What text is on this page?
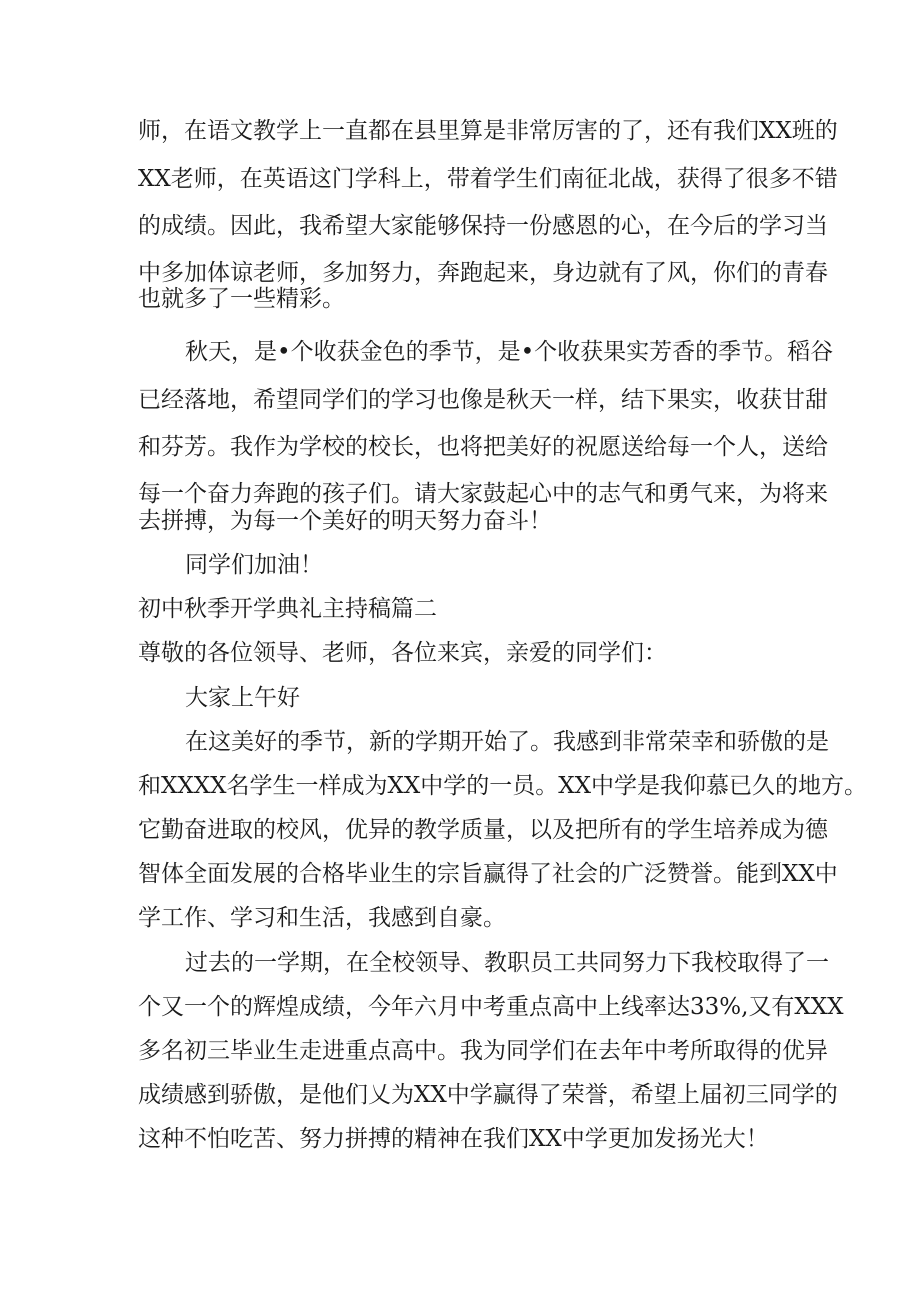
师，在语文教学上一直都在县里算是非常厉害的了，还有我们XX班的

XX老师，在英语这门学科上，带着学生们南征北战，获得了很多不错

的成绩。因此，我希望大家能够保持一份感恩的心，在今后的学习当

中多加体谅老师，多加努力，奔跑起来，身边就有了风，你们的青春

也就多了一些精彩。

秋天，是•个收获金色的季节，是•个收获果实芳香的季节。稻谷

已经落地，希望同学们的学习也像是秋天一样，结下果实，收获甘甜

和芬芳。我作为学校的校长，也将把美好的祝愿送给每一个人，送给

每一个奋力奔跑的孩子们。请大家鼓起心中的志气和勇气来，为将来

去拼搏，为每一个美好的明天努力奋斗！

同学们加油！

初中秋季开学典礼主持稿篇二

尊敬的各位领导、老师，各位来宾，亲爱的同学们：

大家上午好

在这美好的季节，新的学期开始了。我感到非常荣幸和骄傲的是

和XXXX名学生一样成为XX中学的一员。XX中学是我仰慕已久的地方。

它勤奋进取的校风，优异的教学质量，以及把所有的学生培养成为德

智体全面发展的合格毕业生的宗旨赢得了社会的广泛赞誉。能到XX中

学工作、学习和生活，我感到自豪。

过去的一学期，在全校领导、教职员工共同努力下我校取得了一

个又一个的辉煌成绩，今年六月中考重点高中上线率达33%,又有XXX

多名初三毕业生走进重点高中。我为同学们在去年中考所取得的优异

成绩感到骄傲，是他们乂为XX中学赢得了荣誉，希望上届初三同学的

这种不怕吃苦、努力拼搏的精神在我们XX中学更加发扬光大！
